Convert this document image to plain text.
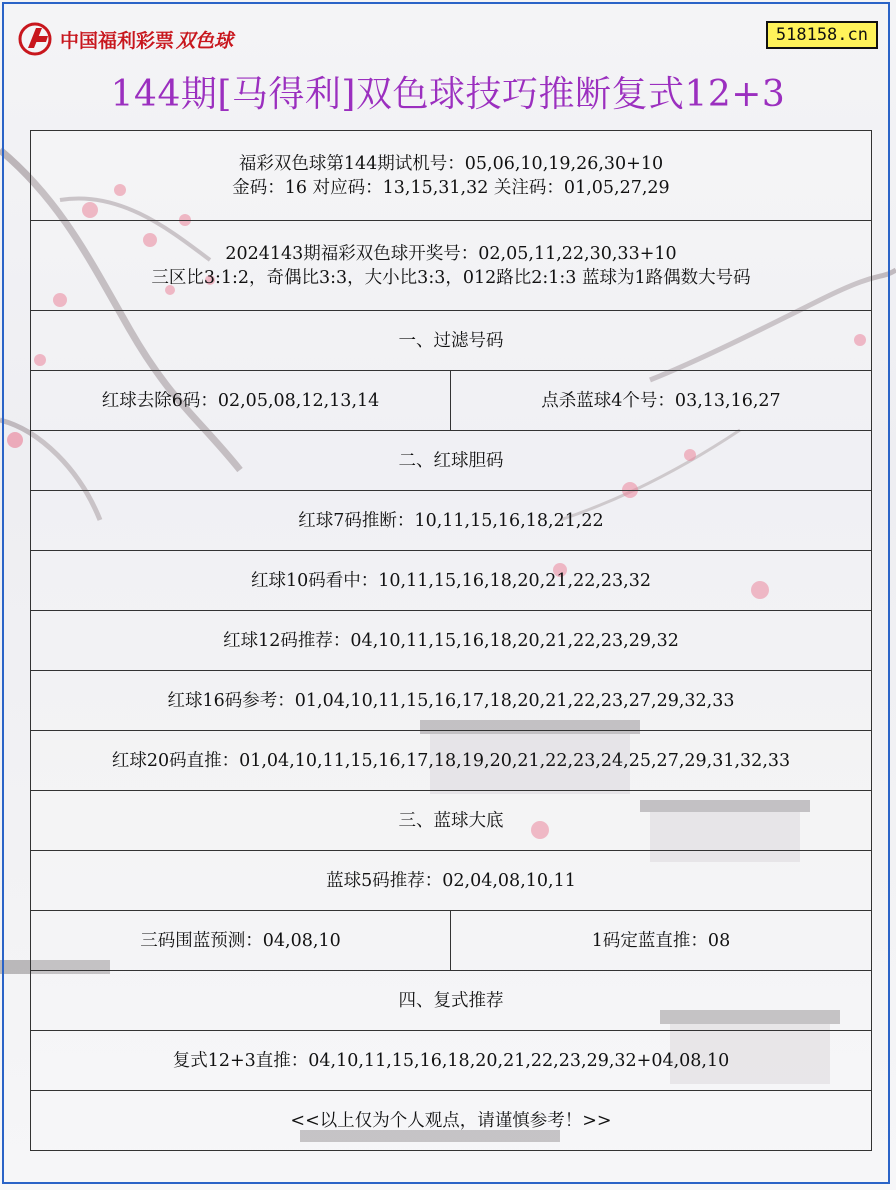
中国福利彩票 双色球	518158.cn
144期[马得利]双色球技巧推断复式12+3
福彩双色球第144期试机号：05,06,10,19,26,30+10
金码：16 对应码：13,15,31,32 关注码：01,05,27,29
2024143期福彩双色球开奖号：02,05,11,22,30,33+10
三区比3:1:2，奇偶比3:3，大小比3:3，012路比2:1:3 蓝球为1路偶数大号码
一、过滤号码
红球去除6码：02,05,08,12,13,14	点杀蓝球4个号：03,13,16,27
二、红球胆码
红球7码推断：10,11,15,16,18,21,22
红球10码看中：10,11,15,16,18,20,21,22,23,32
红球12码推荐：04,10,11,15,16,18,20,21,22,23,29,32
红球16码参考：01,04,10,11,15,16,17,18,20,21,22,23,27,29,32,33
红球20码直推：01,04,10,11,15,16,17,18,19,20,21,22,23,24,25,27,29,31,32,33
三、蓝球大底
蓝球5码推荐：02,04,08,10,11
三码围蓝预测：04,08,10	1码定蓝直推：08
四、复式推荐
复式12+3直推：04,10,11,15,16,18,20,21,22,23,29,32+04,08,10
<<以上仅为个人观点，请谨慎参考！>>
